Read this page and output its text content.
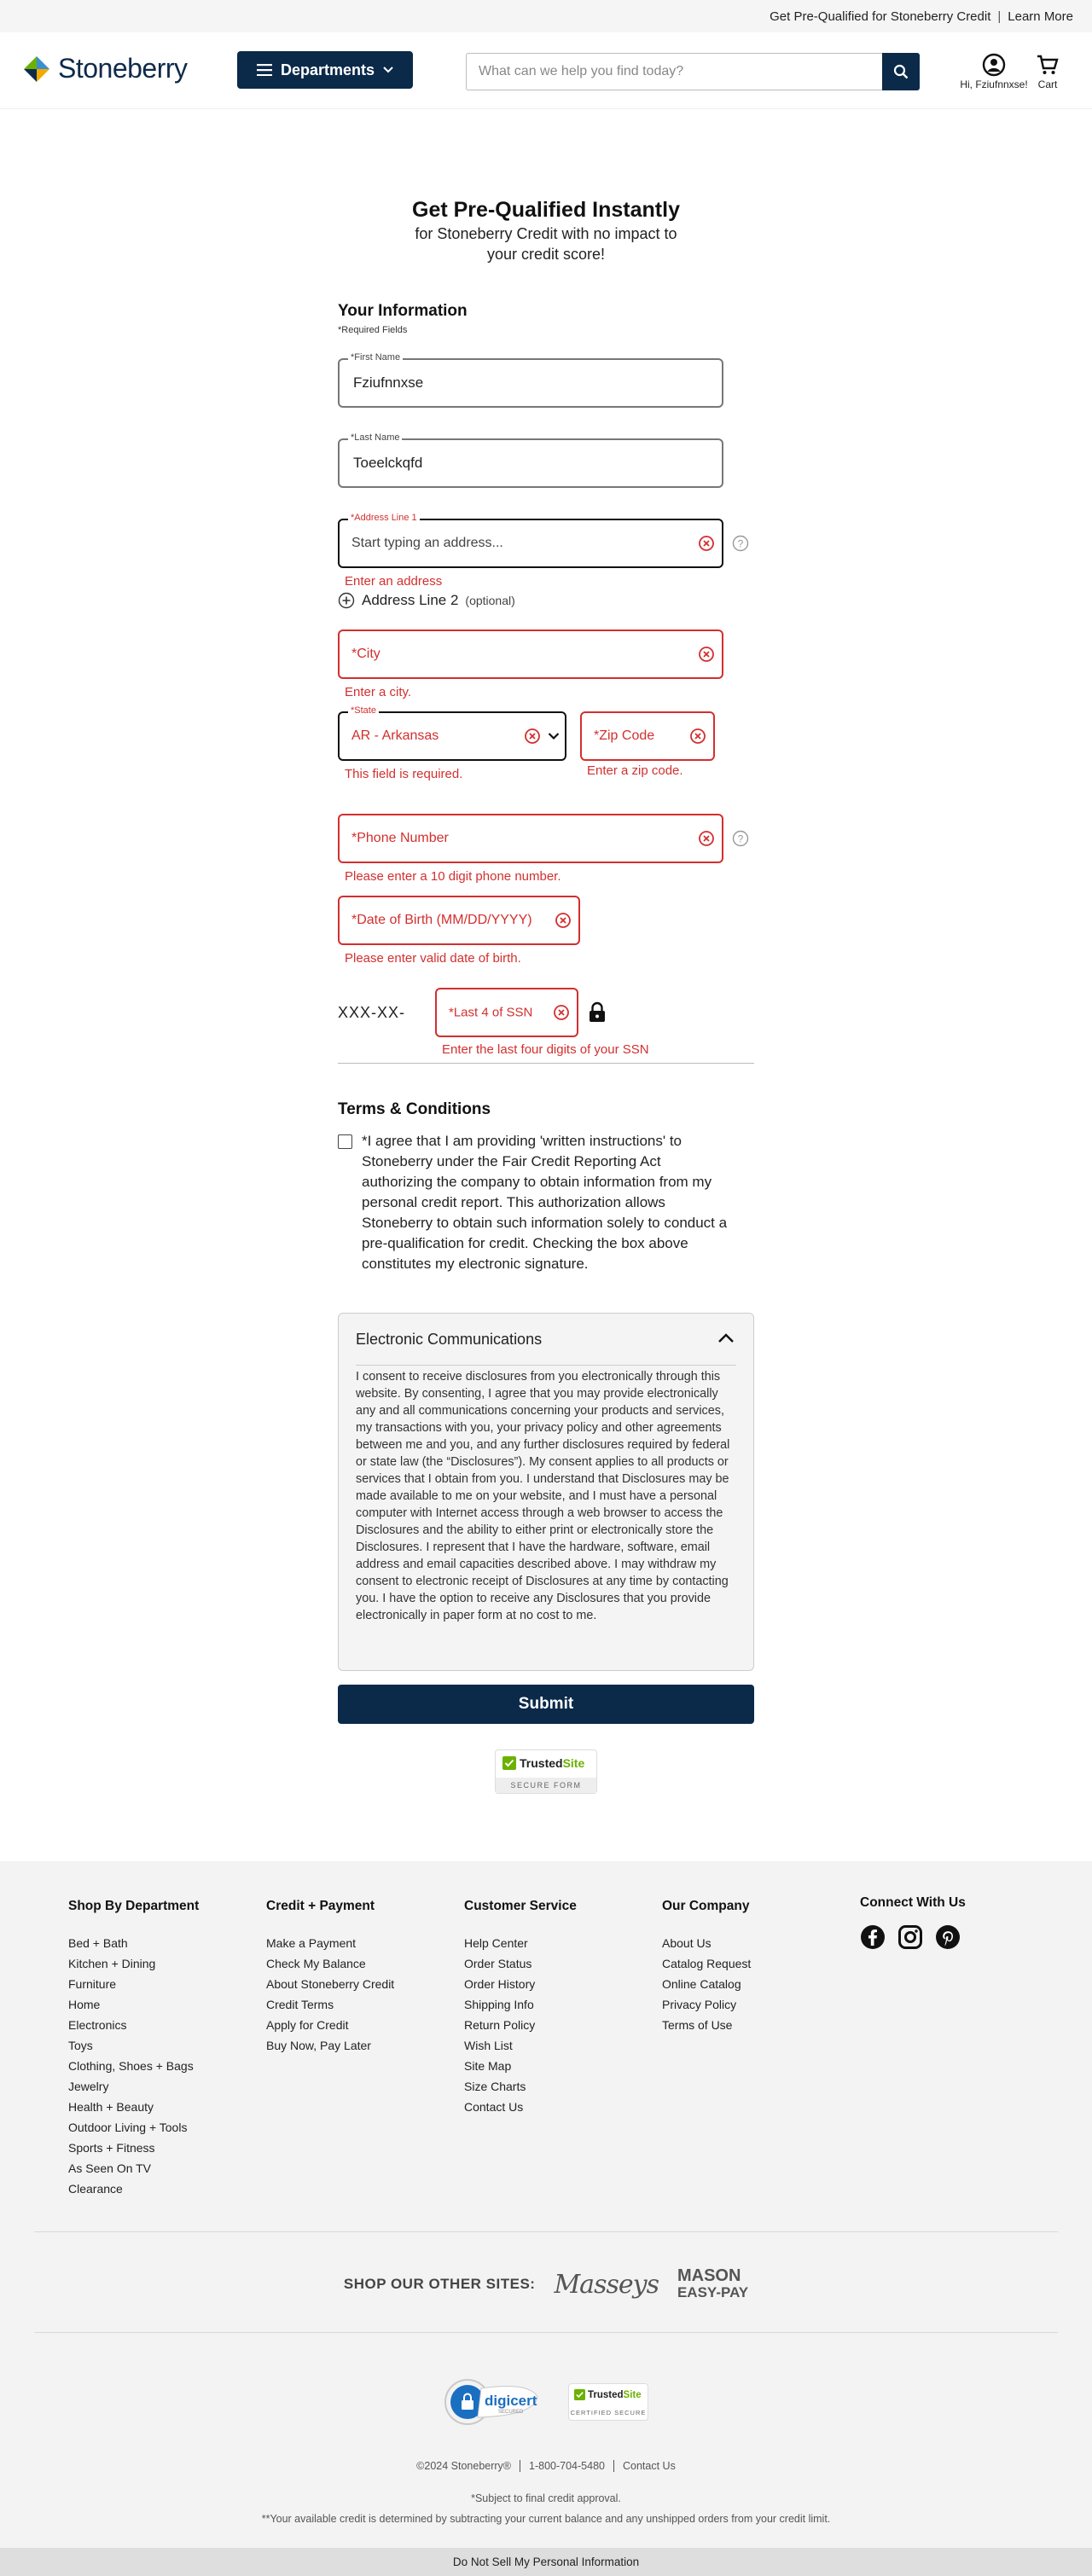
Get Pre-Qualified for Stoneberry Credit | Learn More
Stoneberry	Departments
What can we help you find today?
Hi, Fziufnnxse! Cart
Get Pre-Qualified Instantly
for Stoneberry Credit with no impact to your credit score!
Your Information
*Required Fields
*First Name
Fziufnnxse
*Last Name
Toeelckqfd
*Address Line 1
Start typing an address...	?
Enter an address
Address Line 2 (optional)
*City
Enter a city.
*State
AR - Arkansas
This field is required.
*Zip Code
Enter a zip code.
*Phone Number	?
Please enter a 10 digit phone number.
*Date of Birth (MM/DD/YYYY)
Please enter valid date of birth.
XXX-XX-	*Last 4 of SSN
Enter the last four digits of your SSN
Terms & Conditions
*I agree that I am providing 'written instructions' to Stoneberry under the Fair Credit Reporting Act authorizing the company to obtain information from my personal credit report. This authorization allows Stoneberry to obtain such information solely to conduct a pre-qualification for credit. Checking the box above constitutes my electronic signature.
Electronic Communications
I consent to receive disclosures from you electronically through this website. By consenting, I agree that you may provide electronically any and all communications concerning your products and services, my transactions with you, your privacy policy and other agreements between me and you, and any further disclosures required by federal or state law (the “Disclosures”). My consent applies to all products or services that I obtain from you. I understand that Disclosures may be made available to me on your website, and I must have a personal computer with Internet access through a web browser to access the Disclosures and the ability to either print or electronically store the Disclosures. I represent that I have the hardware, software, email address and email capacities described above. I may withdraw my consent to electronic receipt of Disclosures at any time by contacting you. I have the option to receive any Disclosures that you provide electronically in paper form at no cost to me.
Submit
Trusted Site
SECURE FORM
Shop By Department
Bed + Bath
Kitchen + Dining
Furniture
Home
Electronics
Toys
Clothing, Shoes + Bags
Jewelry
Health + Beauty
Outdoor Living + Tools
Sports + Fitness
As Seen On TV
Clearance
Credit + Payment
Make a Payment
Check My Balance
About Stoneberry Credit
Credit Terms
Apply for Credit
Buy Now, Pay Later
Customer Service
Help Center
Order Status
Order History
Shipping Info
Return Policy
Wish List
Site Map
Size Charts
Contact Us
Our Company
About Us
Catalog Request
Online Catalog
Privacy Policy
Terms of Use
Connect With Us
SHOP OUR OTHER SITES: Masseys MASON
EASY-PAY
digicert
SECURED
Trusted Site
CERTIFIED SECURE
©2024 Stoneberry® 1-800-704-5480 Contact Us
*Subject to final credit approval.
**Your available credit is determined by subtracting your current balance and any unshipped orders from your credit limit.
Do Not Sell My Personal Information
